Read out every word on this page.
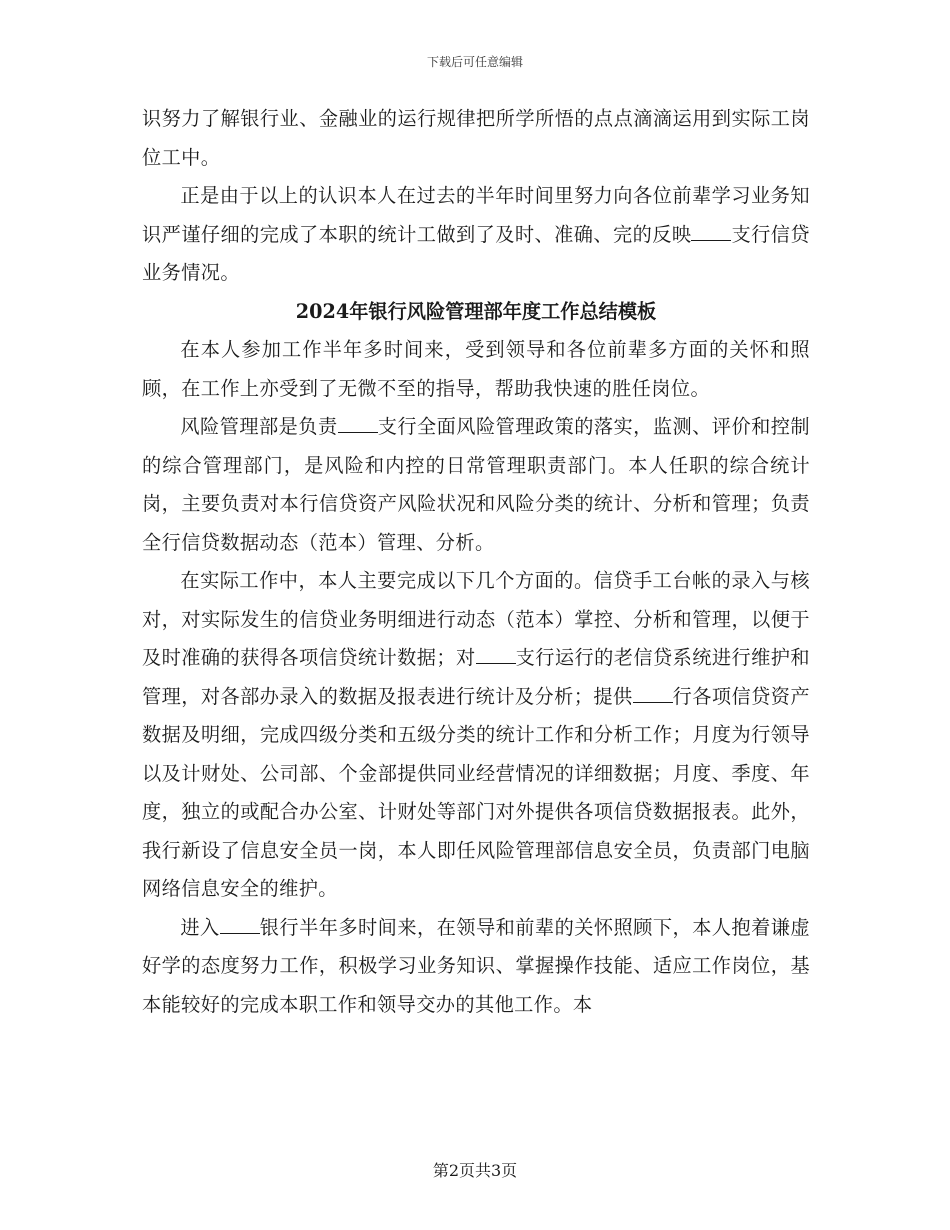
下载后可任意编辑

识努力了解银行业、金融业的运行规律把所学所悟的点点滴滴运用到实际工岗位工中。

正是由于以上的认识本人在过去的半年时间里努力向各位前辈学习业务知识严谨仔细的完成了本职的统计工做到了及时、准确、完的反映 支行信贷业务情况。

2024年银行风险管理部年度工作总结模板

在本人参加工作半年多时间来，受到领导和各位前辈多方面的关怀和照顾，在工作上亦受到了无微不至的指导，帮助我快速的胜任岗位。

风险管理部是负责 支行全面风险管理政策的落实，监测、评价和控制的综合管理部门，是风险和内控的日常管理职责部门。本人任职的综合统计岗，主要负责对本行信贷资产风险状况和风险分类的统计、分析和管理；负责全行信贷数据动态（范本）管理、分析。

在实际工作中，本人主要完成以下几个方面的。信贷手工台帐的录入与核对，对实际发生的信贷业务明细进行动态（范本）掌控、分析和管理，以便于及时准确的获得各项信贷统计数据；对 支行运行的老信贷系统进行维护和管理，对各部办录入的数据及报表进行统计及分析；提供 行各项信贷资产数据及明细，完成四级分类和五级分类的统计工作和分析工作；月度为行领导以及计财处、公司部、个金部提供同业经营情况的详细数据；月度、季度、年度，独立的或配合办公室、计财处等部门对外提供各项信贷数据报表。此外，我行新设了信息安全员一岗，本人即任风险管理部信息安全员，负责部门电脑网络信息安全的维护。

进入 银行半年多时间来，在领导和前辈的关怀照顾下，本人抱着谦虚好学的态度努力工作，积极学习业务知识、掌握操作技能、适应工作岗位，基本能较好的完成本职工作和领导交办的其他工作。本

第2页共3页
